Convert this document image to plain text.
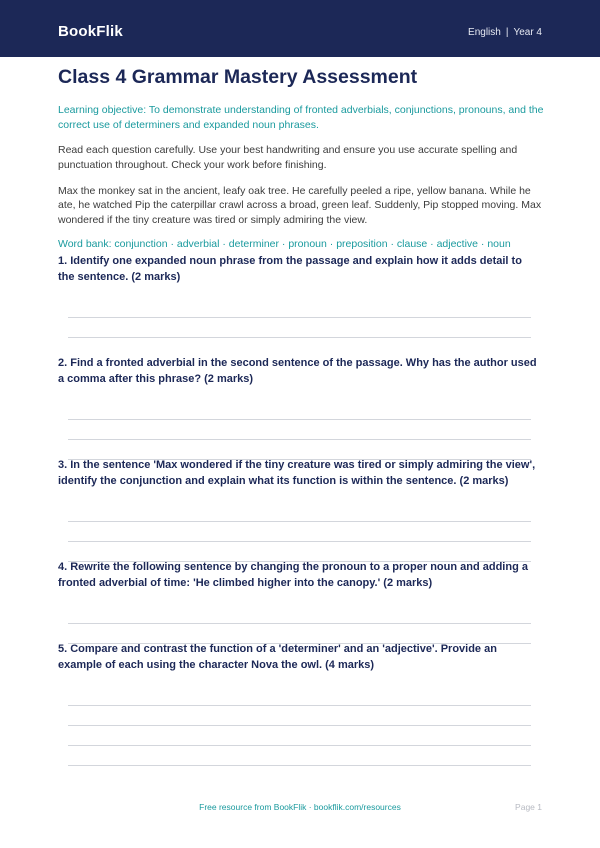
BookFlik	English | Year 4
Class 4 Grammar Mastery Assessment

Learning objective: To demonstrate understanding of fronted adverbials, conjunctions, pronouns, and the correct use of determiners and expanded noun phrases.

Read each question carefully. Use your best handwriting and ensure you use accurate spelling and punctuation throughout. Check your work before finishing.

Max the monkey sat in the ancient, leafy oak tree. He carefully peeled a ripe, yellow banana. While he ate, he watched Pip the caterpillar crawl across a broad, green leaf. Suddenly, Pip stopped moving. Max wondered if the tiny creature was tired or simply admiring the view.

Word bank: conjunction · adverbial · determiner · pronoun · preposition · clause · adjective · noun

1. Identify one expanded noun phrase from the passage and explain how it adds detail to the sentence. (2 marks)
2. Find a fronted adverbial in the second sentence of the passage. Why has the author used a comma after this phrase? (2 marks)
3. In the sentence 'Max wondered if the tiny creature was tired or simply admiring the view', identify the conjunction and explain what its function is within the sentence. (2 marks)
4. Rewrite the following sentence by changing the pronoun to a proper noun and adding a fronted adverbial of time: 'He climbed higher into the canopy.' (2 marks)
5. Compare and contrast the function of a 'determiner' and an 'adjective'. Provide an example of each using the character Nova the owl. (4 marks)
Free resource from BookFlik · bookflik.com/resources	Page 1
